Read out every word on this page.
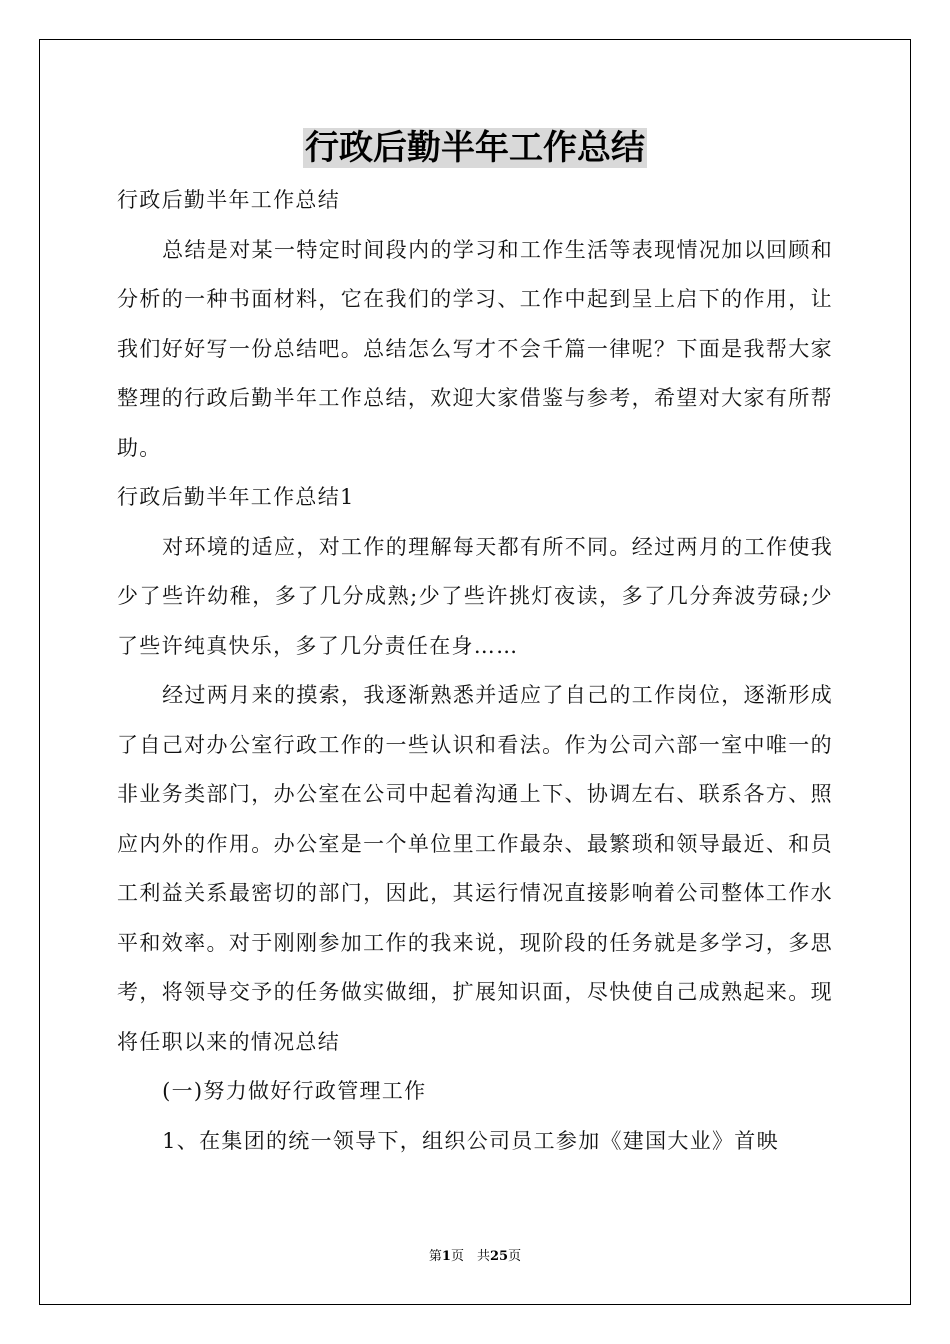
行政后勤半年工作总结

行政后勤半年工作总结

总结是对某一特定时间段内的学习和工作生活等表现情况加以回顾和分析的一种书面材料，它在我们的学习、工作中起到呈上启下的作用，让我们好好写一份总结吧。总结怎么写才不会千篇一律呢？下面是我帮大家整理的行政后勤半年工作总结，欢迎大家借鉴与参考，希望对大家有所帮助。

行政后勤半年工作总结1

对环境的适应，对工作的理解每天都有所不同。经过两月的工作使我少了些许幼稚，多了几分成熟;少了些许挑灯夜读，多了几分奔波劳碌;少了些许纯真快乐，多了几分责任在身……

经过两月来的摸索，我逐渐熟悉并适应了自己的工作岗位，逐渐形成了自己对办公室行政工作的一些认识和看法。作为公司六部一室中唯一的非业务类部门，办公室在公司中起着沟通上下、协调左右、联系各方、照应内外的作用。办公室是一个单位里工作最杂、最繁琐和领导最近、和员工利益关系最密切的部门，因此，其运行情况直接影响着公司整体工作水平和效率。对于刚刚参加工作的我来说，现阶段的任务就是多学习，多思考，将领导交予的任务做实做细，扩展知识面，尽快使自己成熟起来。现将任职以来的情况总结

(一)努力做好行政管理工作

1、在集团的统一领导下，组织公司员工参加《建国大业》首映

第1页　共25页
